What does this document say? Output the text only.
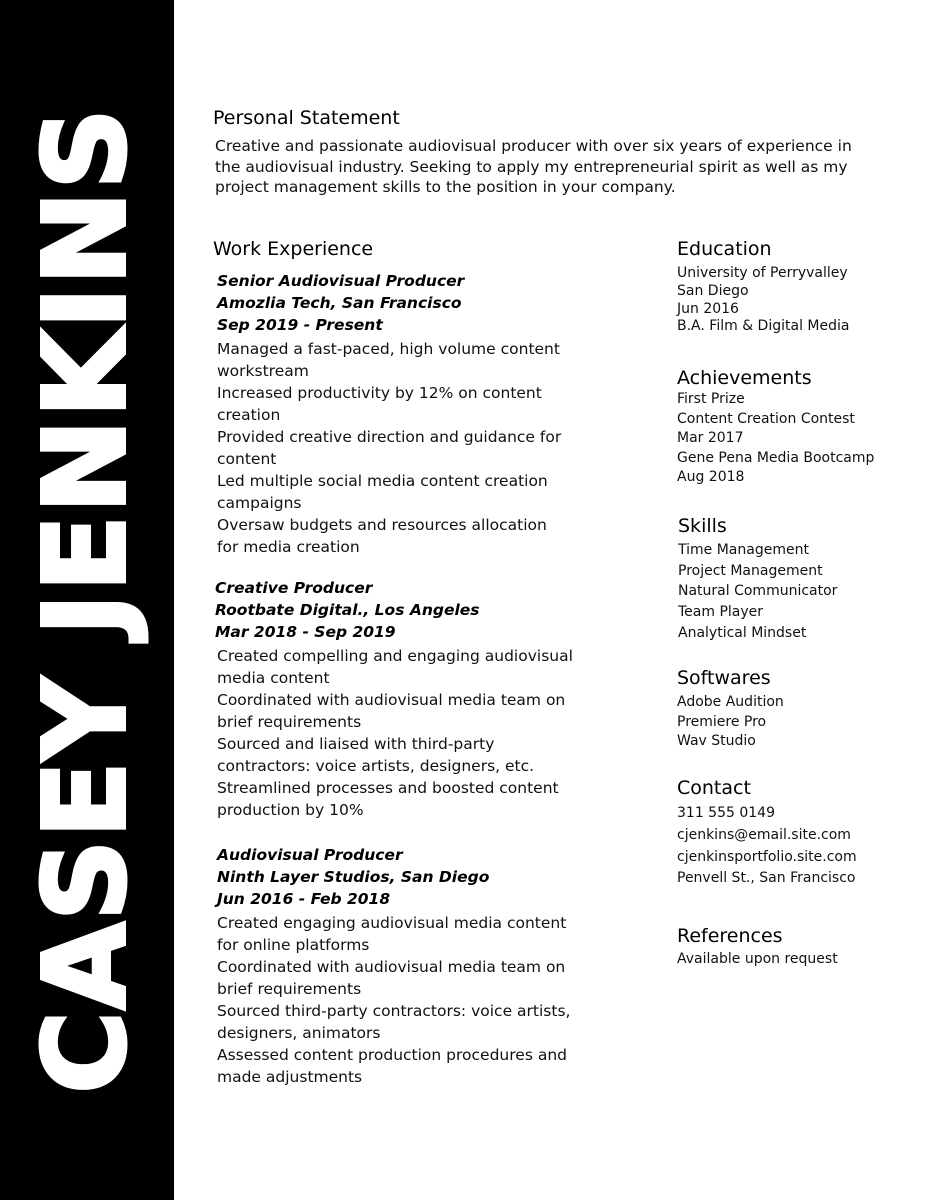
CASEY JENKINS	Personal Statement
Creative and passionate audiovisual producer with over six years of experience in the audiovisual industry. Seeking to apply my entrepreneurial spirit as well as my project management skills to the position in your company.
Work Experience
Senior Audiovisual Producer
Amozlia Tech, San Francisco
Sep 2019 - Present
Managed a fast-paced, high volume content workstream
Increased productivity by 12% on content creation
Provided creative direction and guidance for content
Led multiple social media content creation campaigns
Oversaw budgets and resources allocation for media creation
Creative Producer
Rootbate Digital., Los Angeles
Mar 2018 - Sep 2019
Created compelling and engaging audiovisual media content
Coordinated with audiovisual media team on brief requirements
Sourced and liaised with third-party contractors: voice artists, designers, etc.
Streamlined processes and boosted content production by 10%
Audiovisual Producer
Ninth Layer Studios, San Diego
Jun 2016 - Feb 2018
Created engaging audiovisual media content for online platforms
Coordinated with audiovisual media team on brief requirements
Sourced third-party contractors: voice artists, designers, animators
Assessed content production procedures and made adjustments
Education
University of Perryvalley
San Diego
Jun 2016
B.A. Film & Digital Media
Achievements
First Prize
Content Creation Contest
Mar 2017
Gene Pena Media Bootcamp
Aug 2018
Skills
Time Management
Project Management
Natural Communicator
Team Player
Analytical Mindset
Softwares
Adobe Audition
Premiere Pro
Wav Studio
Contact
311 555 0149
cjenkins@email.site.com
cjenkinsportfolio.site.com
Penvell St., San Francisco
References
Available upon request
